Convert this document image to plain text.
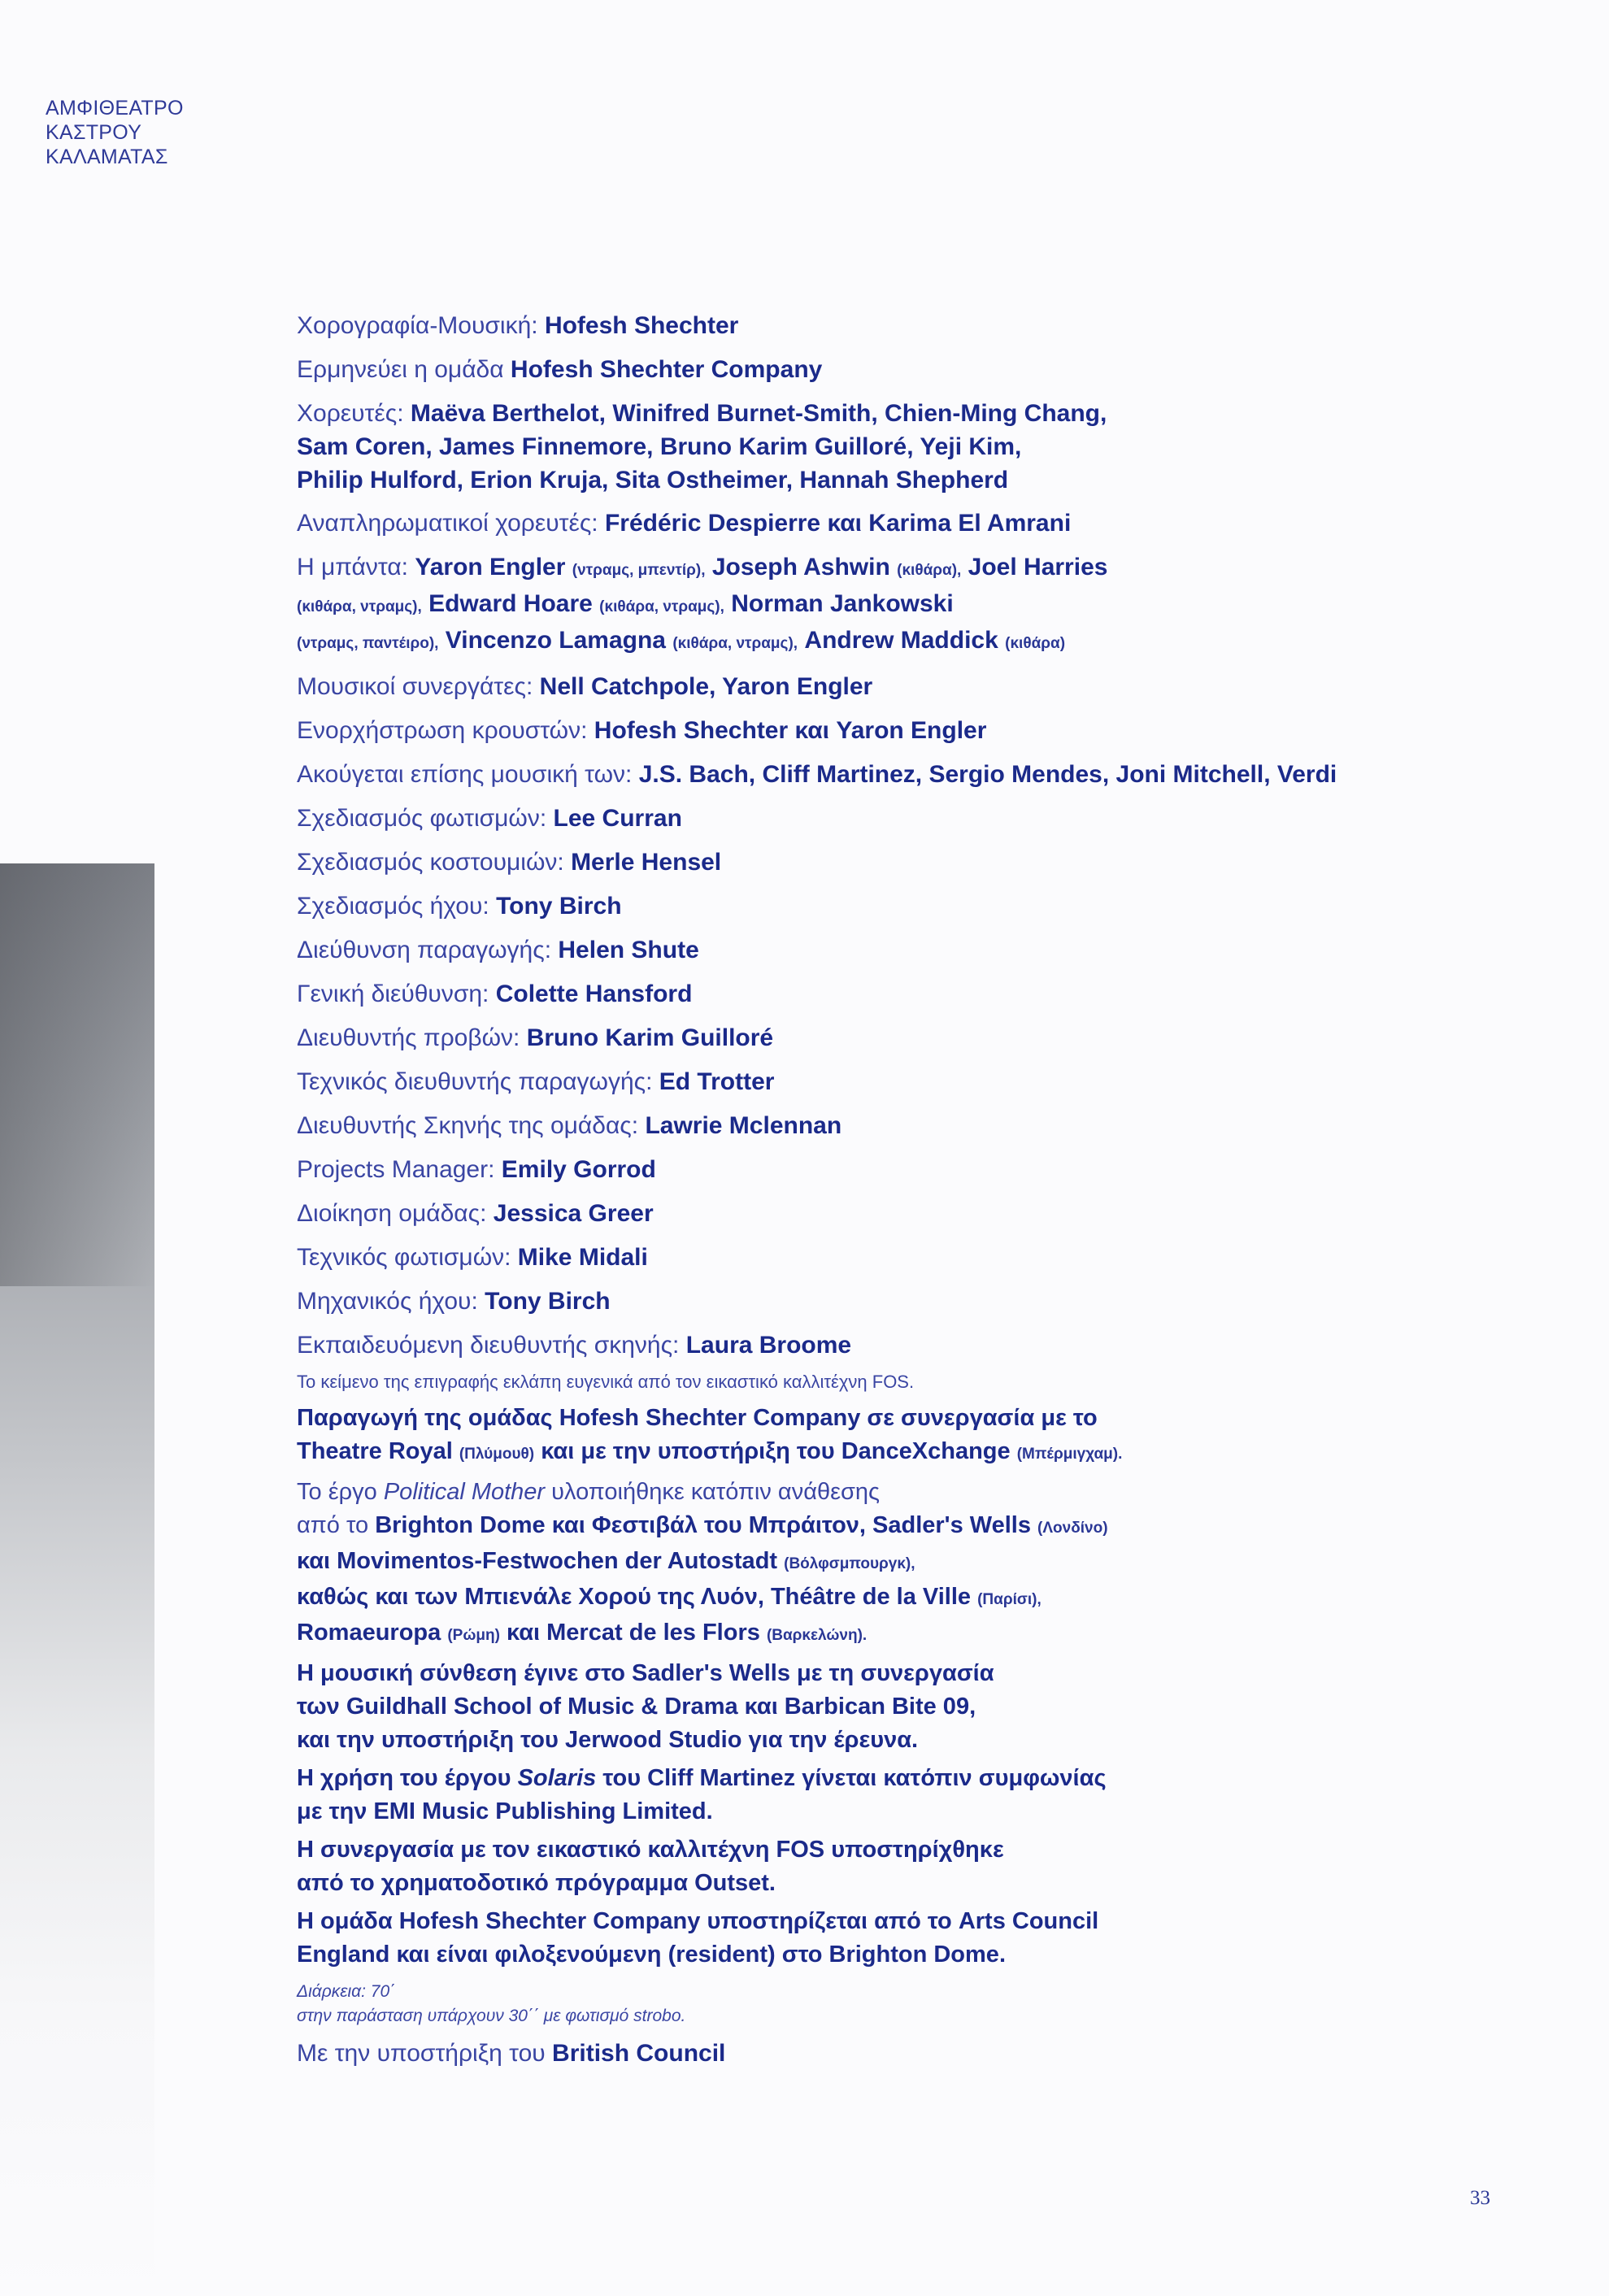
ΑΜΦΙΘΕΑΤΡΟ
ΚΑΣΤΡΟΥ
ΚΑΛΑΜΑΤΑΣ
Χορογραφία-Μουσική: Hofesh Shechter
Ερμηνεύει η ομάδα Hofesh Shechter Company
Χορευτές: Maëva Berthelot, Winifred Burnet-Smith, Chien-Ming Chang,
Sam Coren, James Finnemore, Bruno Karim Guilloré, Yeji Kim,
Philip Hulford, Erion Kruja, Sita Ostheimer, Hannah Shepherd
Αναπληρωματικοί χορευτές: Frédéric Despierre και Karima El Amrani
Η μπάντα: Yaron Engler (ντραμς, μπεντίρ), Joseph Ashwin (κιθάρα), Joel Harries
(κιθάρα, ντραμς), Edward Hoare (κιθάρα, ντραμς), Norman Jankowski
(ντραμς, παντέιρο), Vincenzo Lamagna (κιθάρα, ντραμς), Andrew Maddick (κιθάρα)
Μουσικοί συνεργάτες: Nell Catchpole, Yaron Engler
Ενορχήστρωση κρουστών: Hofesh Shechter και Yaron Engler
Ακούγεται επίσης μουσική των: J.S. Bach, Cliff Martinez, Sergio Mendes, Joni Mitchell, Verdi
Σχεδιασμός φωτισμών: Lee Curran
Σχεδιασμός κοστουμιών: Merle Hensel
Σχεδιασμός ήχου: Tony Birch
Διεύθυνση παραγωγής: Helen Shute
Γενική διεύθυνση: Colette Hansford
Διευθυντής προβών: Bruno Karim Guilloré
Τεχνικός διευθυντής παραγωγής: Ed Trotter
Διευθυντής Σκηνής της ομάδας: Lawrie Mclennan
Projects Manager: Emily Gorrod
Διοίκηση ομάδας: Jessica Greer
Τεχνικός φωτισμών: Mike Midali
Μηχανικός ήχου: Tony Birch
Εκπαιδευόμενη διευθυντής σκηνής: Laura Broome
Το κείμενο της επιγραφής εκλάπη ευγενικά από τον εικαστικό καλλιτέχνη FOS.
Παραγωγή της ομάδας Hofesh Shechter Company σε συνεργασία με το
Theatre Royal (Πλύμουθ) και με την υποστήριξη του DanceXchange (Μπέρμιγχαμ).
Το έργο Political Mother υλοποιήθηκε κατόπιν ανάθεσης
από το Brighton Dome και Φεστιβάλ του Μπράιτον, Sadler's Wells (Λονδίνο)
και Movimentos-Festwochen der Autostadt (Βόλφσμπουργκ),
καθώς και των Μπιενάλε Χορού της Λυόν, Théâtre de la Ville (Παρίσι),
Romaeuropa (Ρώμη) και Mercat de les Flors (Βαρκελώνη).
Η μουσική σύνθεση έγινε στο Sadler's Wells με τη συνεργασία
των Guildhall School of Music & Drama και Barbican Bite 09,
και την υποστήριξη του Jerwood Studio για την έρευνα.
Η χρήση του έργου Solaris του Cliff Martinez γίνεται κατόπιν συμφωνίας
με την EMI Music Publishing Limited.
Η συνεργασία με τον εικαστικό καλλιτέχνη FOS υποστηρίχθηκε
από το χρηματοδοτικό πρόγραμμα Outset.
Η ομάδα Hofesh Shechter Company υποστηρίζεται από το Arts Council
England και είναι φιλοξενούμενη (resident) στο Brighton Dome.
Διάρκεια: 70΄
στην παράσταση υπάρχουν 30΄΄ με φωτισμό strobo.
Με την υποστήριξη του British Council
33
